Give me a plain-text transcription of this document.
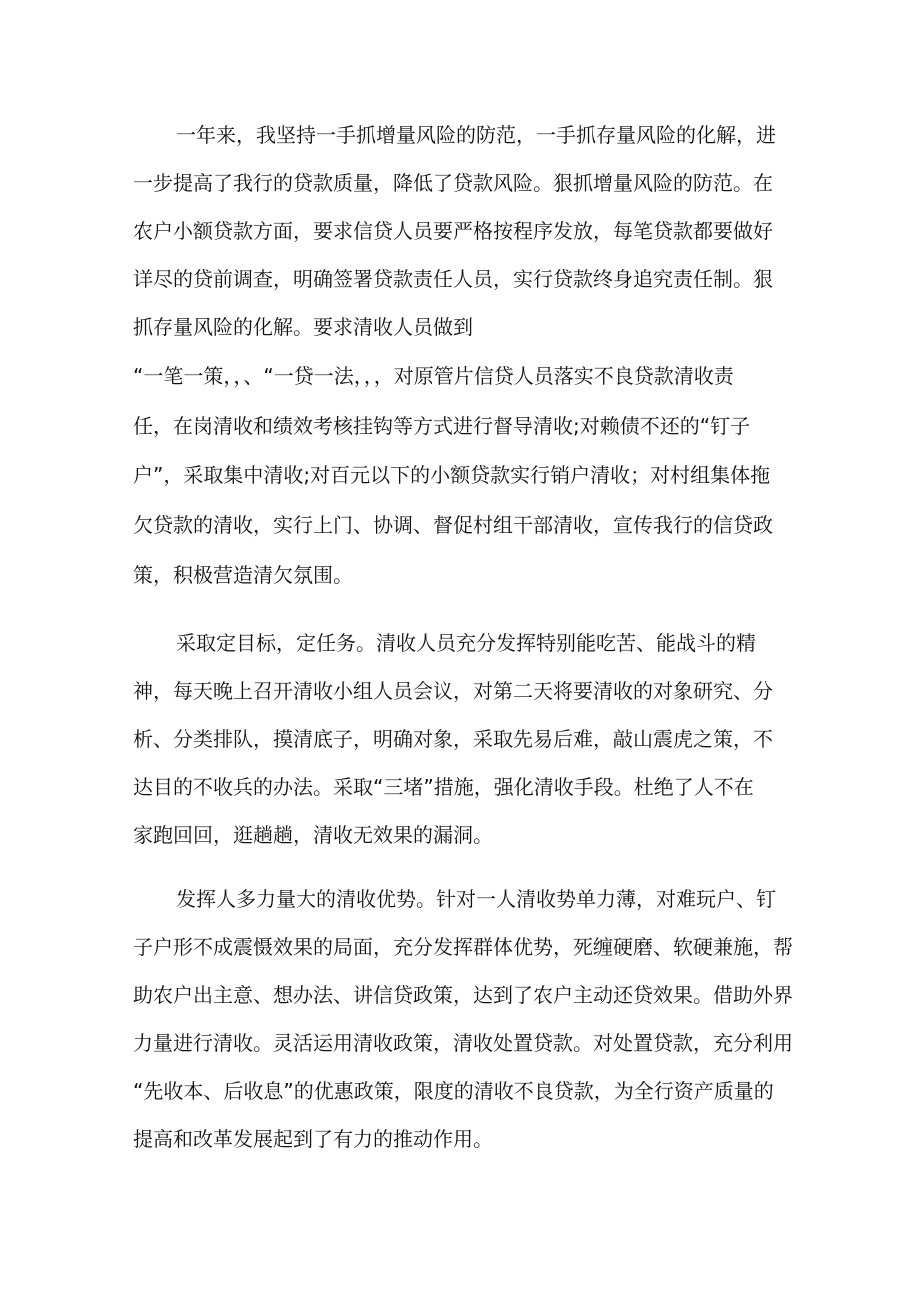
一年来，我坚持一手抓增量风险的防范，一手抓存量风险的化解，进
一步提高了我行的贷款质量，降低了贷款风险。狠抓增量风险的防范。在
农户小额贷款方面，要求信贷人员要严格按程序发放，每笔贷款都要做好
详尽的贷前调查，明确签署贷款责任人员，实行贷款终身追究责任制。狠
抓存量风险的化解。要求清收人员做到
“一笔一策，，、“一贷一法，，，对原管片信贷人员落实不良贷款清收责
任，在岗清收和绩效考核挂钩等方式进行督导清收;对赖债不还的“钉子
户”，采取集中清收;对百元以下的小额贷款实行销户清收；对村组集体拖
欠贷款的清收，实行上门、协调、督促村组干部清收，宣传我行的信贷政
策，积极营造清欠氛围。
采取定目标，定任务。清收人员充分发挥特别能吃苦、能战斗的精
神，每天晚上召开清收小组人员会议，对第二天将要清收的对象研究、分
析、分类排队，摸清底子，明确对象，采取先易后难，敲山震虎之策，不
达目的不收兵的办法。采取“三堵”措施，强化清收手段。杜绝了人不在
家跑回回，逛趟趟，清收无效果的漏洞。
发挥人多力量大的清收优势。针对一人清收势单力薄，对难玩户、钉
子户形不成震慑效果的局面，充分发挥群体优势，死缠硬磨、软硬兼施，帮
助农户出主意、想办法、讲信贷政策，达到了农户主动还贷效果。借助外界
力量进行清收。灵活运用清收政策，清收处置贷款。对处置贷款，充分利用
“先收本、后收息”的优惠政策，限度的清收不良贷款，为全行资产质量的
提高和改革发展起到了有力的推动作用。
